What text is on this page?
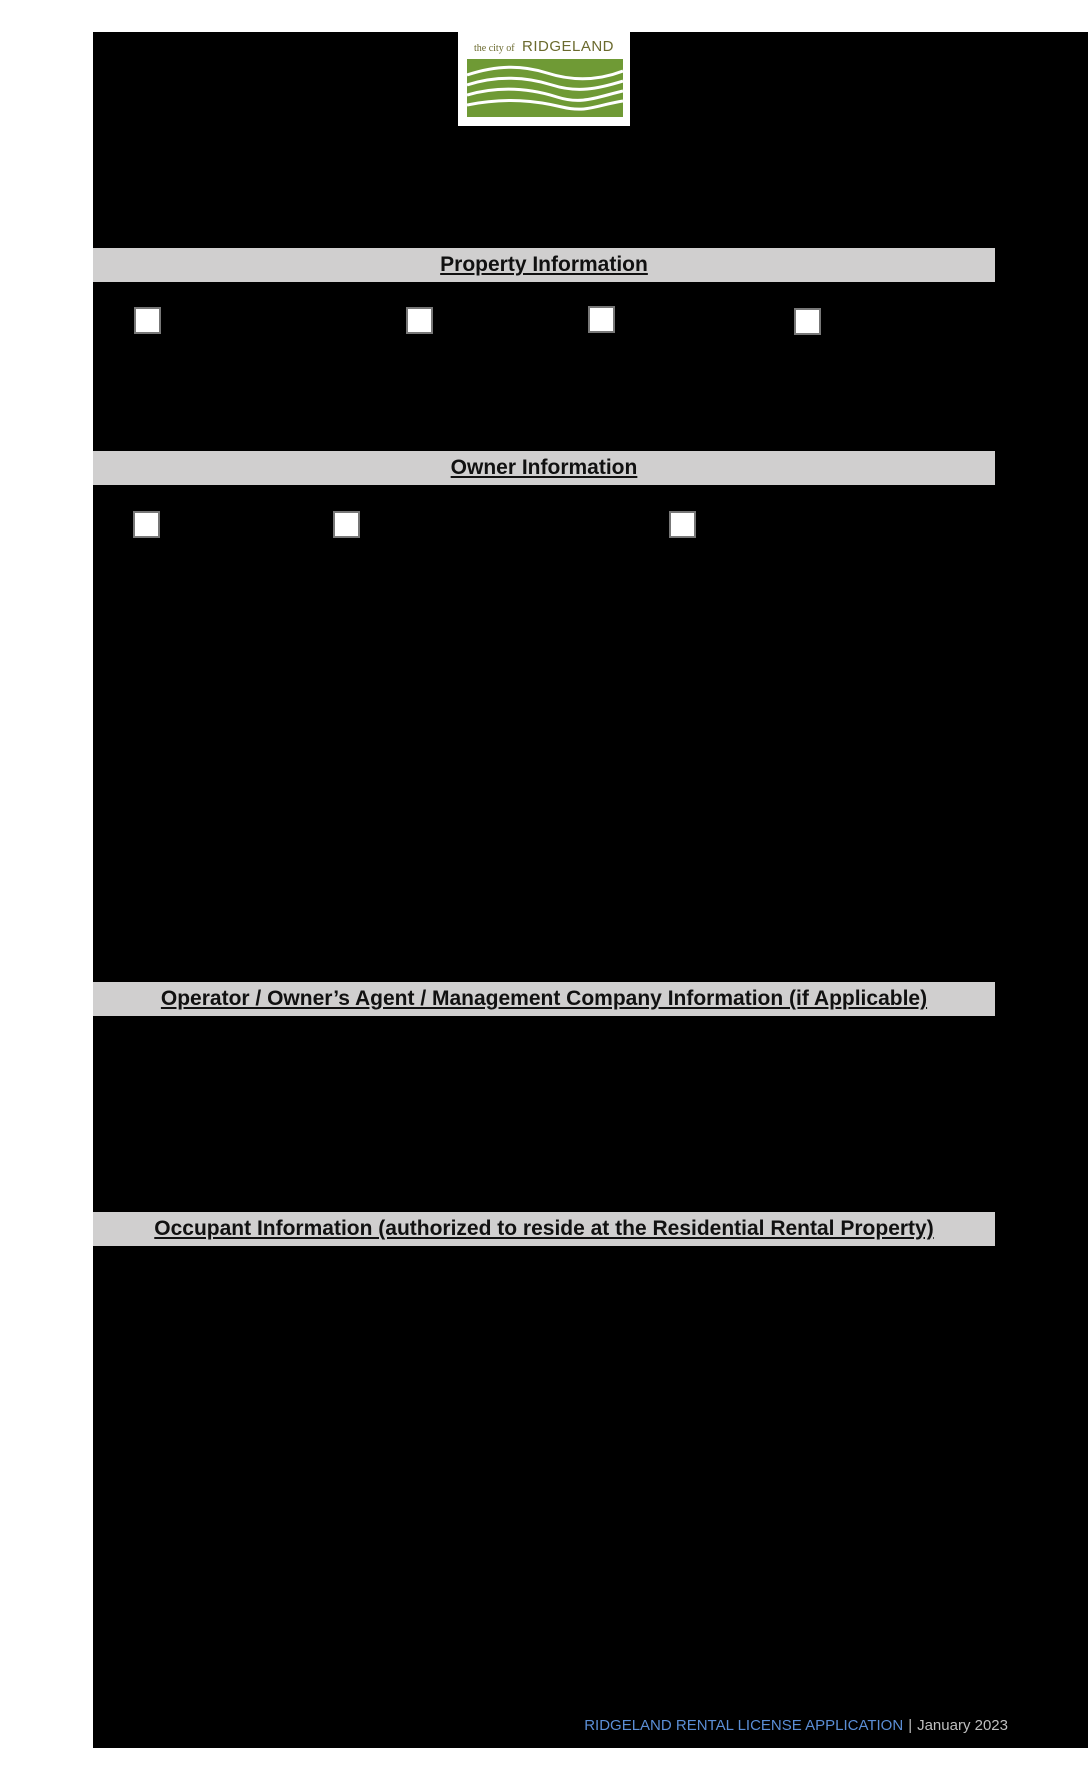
the city of RIDGELAND
Property Information
Owner Information
Operator / Owner’s Agent / Management Company Information (if Applicable)
Occupant Information (authorized to reside at the Residential Rental Property)
RIDGELAND RENTAL LICENSE APPLICATION | January 2023
